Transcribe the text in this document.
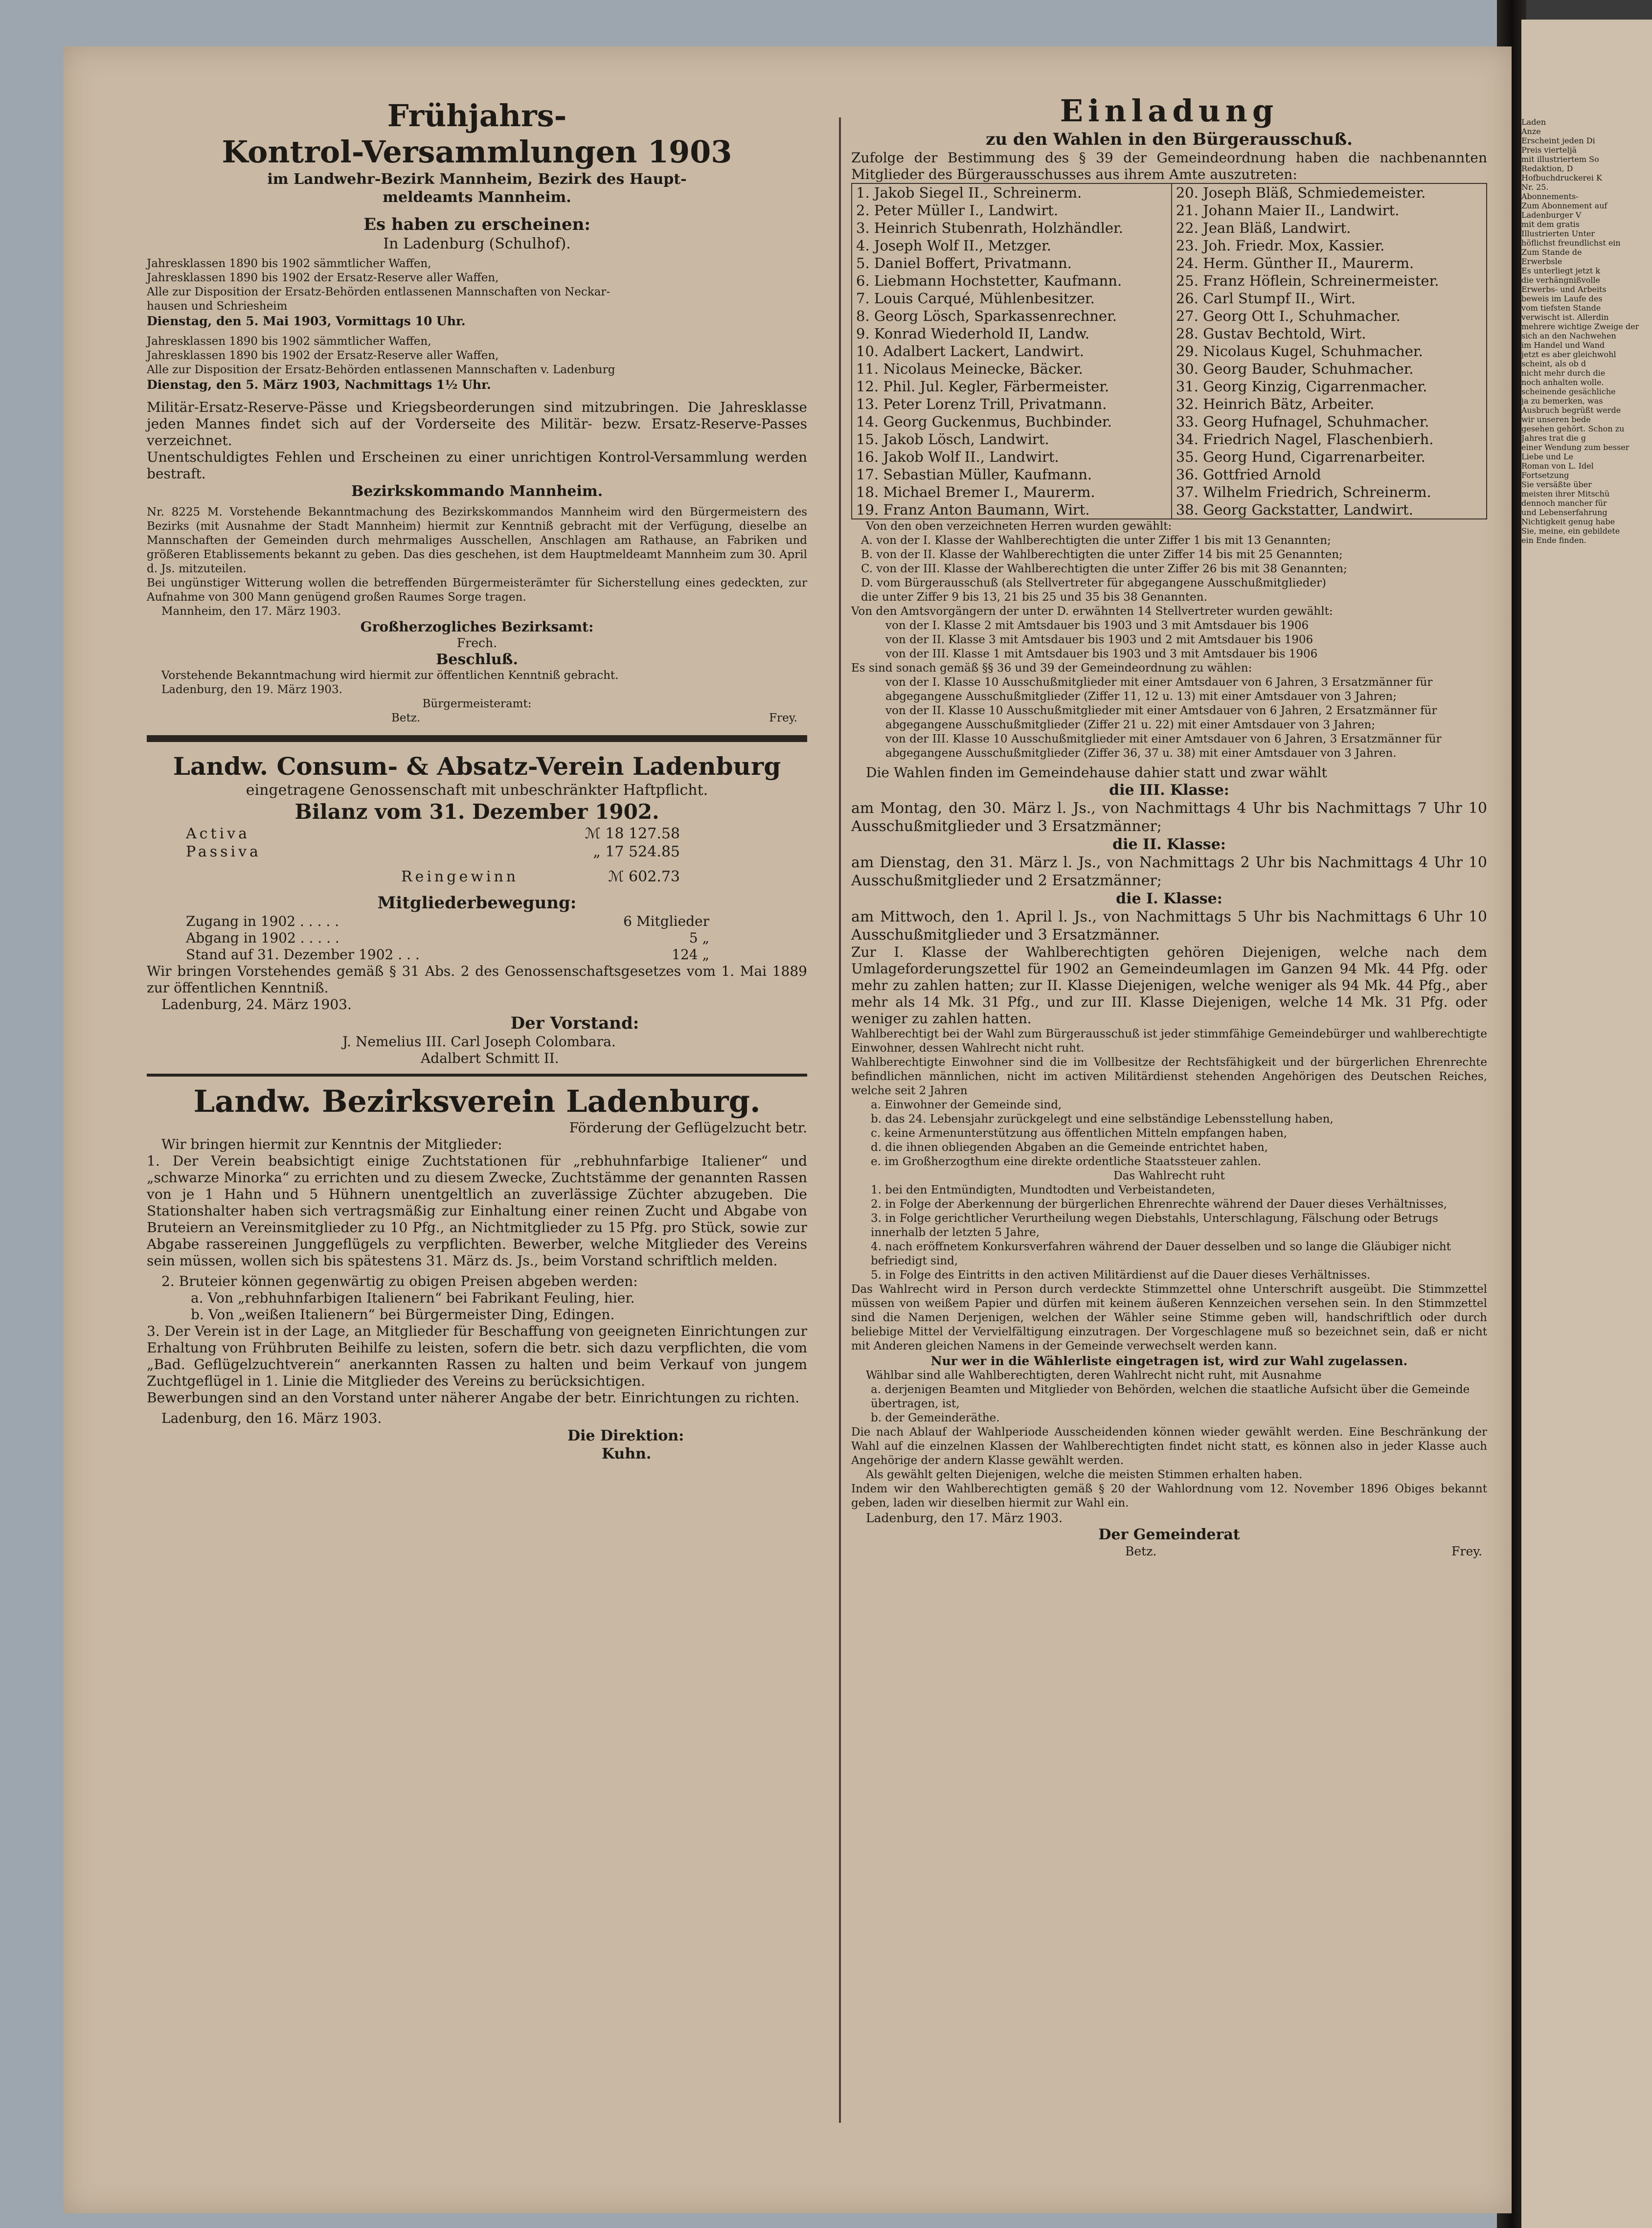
Laden
Anze
Erscheint jeden Di
Preis vierteljä
mit illustriertem So
Redaktion, D
Hofbuchdruckerei K
Nr. 25.
Abonnements-
Zum Abonnement auf
Ladenburger V
mit dem gratis
Illustrierten Unter
höflichst freundlichst ein
Zum Stande de
Erwerbsle
Es unterliegt jetzt k
die verhängnißvolle
Erwerbs- und Arbeits
beweis im Laufe des
vom tiefsten Stande
verwischt ist. Allerdin
mehrere wichtige Zweige der
sich an den Nachwehen
im Handel und Wand
jetzt es aber gleichwohl
scheint, als ob d
nicht mehr durch die
noch anhalten wolle.
scheinende gesächliche
ja zu bemerken, was
Ausbruch begrüßt werde
wir unseren bede
gesehen gehört. Schon zu
Jahres trat die g
einer Wendung zum besser
Liebe und Le
Roman von L. Idel
Fortsetzung
Sie versäßte über
meisten ihrer Mitschü
dennoch mancher für
und Lebenserfahrung
Nichtigkeit genug habe
Sie, meine, ein gebildete
ein Ende finden.

Frühjahrs-

Kontrol-Versammlungen 1903

im Landwehr-Bezirk Mannheim, Bezirk des Haupt-

meldeamts Mannheim.

Es haben zu erscheinen:

In Ladenburg (Schulhof).

Jahresklassen 1890 bis 1902 sämmtlicher Waffen,
Jahresklassen 1890 bis 1902 der Ersatz-Reserve aller Waffen,
Alle zur Disposition der Ersatz-Behörden entlassenen Mannschaften von Neckar-
hausen und Schriesheim

Dienstag, den 5. Mai 1903, Vormittags 10 Uhr.

Jahresklassen 1890 bis 1902 sämmtlicher Waffen,
Jahresklassen 1890 bis 1902 der Ersatz-Reserve aller Waffen,
Alle zur Disposition der Ersatz-Behörden entlassenen Mannschaften v. Ladenburg

Dienstag, den 5. März 1903, Nachmittags 1½ Uhr.

Militär-Ersatz-Reserve-Pässe und Kriegsbeorderungen sind mitzubringen. Die Jahresklasse jeden Mannes findet sich auf der Vorderseite des Militär- bezw. Ersatz-Reserve-Passes verzeichnet.

Unentschuldigtes Fehlen und Erscheinen zu einer unrichtigen Kontrol-Versammlung werden bestraft.

Bezirkskommando Mannheim.

Nr. 8225 M. Vorstehende Bekanntmachung des Bezirkskommandos Mannheim wird den Bürgermeistern des Bezirks (mit Ausnahme der Stadt Mannheim) hiermit zur Kenntniß gebracht mit der Verfügung, dieselbe an Mannschaften der Gemeinden durch mehrmaliges Ausschellen, Anschlagen am Rathause, an Fabriken und größeren Etablissements bekannt zu geben. Das dies geschehen, ist dem Hauptmeldeamt Mannheim zum 30. April d. Js. mitzuteilen.

Bei ungünstiger Witterung wollen die betreffenden Bürgermeisterämter für Sicherstellung eines gedeckten, zur Aufnahme von 300 Mann genügend großen Raumes Sorge tragen.

Mannheim, den 17. März 1903.

Großherzogliches Bezirksamt:

Frech.

Beschluß.

Vorstehende Bekanntmachung wird hiermit zur öffentlichen Kenntniß gebracht.

Ladenburg, den 19. März 1903.

Bürgermeisteramt:

Betz.	Frey.

Landw. Consum- & Absatz-Verein Ladenburg

eingetragene Genossenschaft mit unbeschränkter Haftpflicht.

Bilanz vom 31. Dezember 1902.

Activa	ℳ 18 127.58
Passiva	„ 17 524.85
Reingewinn	ℳ 602.73

Mitgliederbewegung:

Zugang in 1902 . . . . .	6 Mitglieder
Abgang in 1902 . . . . .	5 „
Stand auf 31. Dezember 1902 . . .	124 „

Wir bringen Vorstehendes gemäß § 31 Abs. 2 des Genossenschaftsgesetzes vom 1. Mai 1889 zur öffentlichen Kenntniß.

Ladenburg, 24. März 1903.

Der Vorstand:

J. Nemelius III. Carl Joseph Colombara.

Adalbert Schmitt II.

Landw. Bezirksverein Ladenburg.

Förderung der Geflügelzucht betr.

Wir bringen hiermit zur Kenntnis der Mitglieder:

1. Der Verein beabsichtigt einige Zuchtstationen für „rebhuhnfarbige Italiener“ und „schwarze Minorka“ zu errichten und zu diesem Zwecke, Zuchtstämme der genannten Rassen von je 1 Hahn und 5 Hühnern unentgeltlich an zuverlässige Züchter abzugeben. Die Stationshalter haben sich vertragsmäßig zur Einhaltung einer reinen Zucht und Abgabe von Bruteiern an Vereinsmitglieder zu 10 Pfg., an Nichtmitglieder zu 15 Pfg. pro Stück, sowie zur Abgabe rassereinen Junggeflügels zu verpflichten. Bewerber, welche Mitglieder des Vereins sein müssen, wollen sich bis spätestens 31. März ds. Js., beim Vorstand schriftlich melden.

2. Bruteier können gegenwärtig zu obigen Preisen abgeben werden:

a. Von „rebhuhnfarbigen Italienern“ bei Fabrikant Feuling, hier.

b. Von „weißen Italienern“ bei Bürgermeister Ding, Edingen.

3. Der Verein ist in der Lage, an Mitglieder für Beschaffung von geeigneten Einrichtungen zur Erhaltung von Frühbruten Beihilfe zu leisten, sofern die betr. sich dazu verpflichten, die vom „Bad. Geflügelzuchtverein“ anerkannten Rassen zu halten und beim Verkauf von jungem Zuchtgeflügel in 1. Linie die Mitglieder des Vereins zu berücksichtigen.

Bewerbungen sind an den Vorstand unter näherer Angabe der betr. Einrichtungen zu richten.

Ladenburg, den 16. März 1903.

Die Direktion:

Kuhn.

Einladung

zu den Wahlen in den Bürgerausschuß.

Zufolge der Bestimmung des § 39 der Gemeindeordnung haben die nachbenannten Mitglieder des Bürgerausschusses aus ihrem Amte auszutreten:

1. Jakob Siegel II., Schreinerm.
2. Peter Müller I., Landwirt.
3. Heinrich Stubenrath, Holzhändler.
4. Joseph Wolf II., Metzger.
5. Daniel Boffert, Privatmann.
6. Liebmann Hochstetter, Kaufmann.
7. Louis Carqué, Mühlenbesitzer.
8. Georg Lösch, Sparkassenrechner.
9. Konrad Wiederhold II, Landw.
10. Adalbert Lackert, Landwirt.
11. Nicolaus Meinecke, Bäcker.
12. Phil. Jul. Kegler, Färbermeister.
13. Peter Lorenz Trill, Privatmann.
14. Georg Guckenmus, Buchbinder.
15. Jakob Lösch, Landwirt.
16. Jakob Wolf II., Landwirt.
17. Sebastian Müller, Kaufmann.
18. Michael Bremer I., Maurerm.
19. Franz Anton Baumann, Wirt.

20. Joseph Bläß, Schmiedemeister.
21. Johann Maier II., Landwirt.
22. Jean Bläß, Landwirt.
23. Joh. Friedr. Mox, Kassier.
24. Herm. Günther II., Maurerm.
25. Franz Höflein, Schreinermeister.
26. Carl Stumpf II., Wirt.
27. Georg Ott I., Schuhmacher.
28. Gustav Bechtold, Wirt.
29. Nicolaus Kugel, Schuhmacher.
30. Georg Bauder, Schuhmacher.
31. Georg Kinzig, Cigarrenmacher.
32. Heinrich Bätz, Arbeiter.
33. Georg Hufnagel, Schuhmacher.
34. Friedrich Nagel, Flaschenbierh.
35. Georg Hund, Cigarrenarbeiter.
36. Gottfried Arnold
37. Wilhelm Friedrich, Schreinerm.
38. Georg Gackstatter, Landwirt.

Von den oben verzeichneten Herren wurden gewählt:

A. von der I. Klasse der Wahlberechtigten die unter Ziffer 1 bis mit 13 Genannten;
B. von der II. Klasse der Wahlberechtigten die unter Ziffer 14 bis mit 25 Genannten;
C. von der III. Klasse der Wahlberechtigten die unter Ziffer 26 bis mit 38 Genannten;
D. vom Bürgerausschuß (als Stellvertreter für abgegangene Ausschußmitglieder)
die unter Ziffer 9 bis 13, 21 bis 25 und 35 bis 38 Genannten.

Von den Amtsvorgängern der unter D. erwähnten 14 Stellvertreter wurden gewählt:

von der I. Klasse 2 mit Amtsdauer bis 1903 und 3 mit Amtsdauer bis 1906
von der II. Klasse 3 mit Amtsdauer bis 1903 und 2 mit Amtsdauer bis 1906
von der III. Klasse 1 mit Amtsdauer bis 1903 und 3 mit Amtsdauer bis 1906

Es sind sonach gemäß §§ 36 und 39 der Gemeindeordnung zu wählen:

von der I. Klasse 10 Ausschußmitglieder mit einer Amtsdauer von 6 Jahren, 3 Ersatzmänner für abgegangene Ausschußmitglieder (Ziffer 11, 12 u. 13) mit einer Amtsdauer von 3 Jahren;
von der II. Klasse 10 Ausschußmitglieder mit einer Amtsdauer von 6 Jahren, 2 Ersatzmänner für abgegangene Ausschußmitglieder (Ziffer 21 u. 22) mit einer Amtsdauer von 3 Jahren;
von der III. Klasse 10 Ausschußmitglieder mit einer Amtsdauer von 6 Jahren, 3 Ersatzmänner für abgegangene Ausschußmitglieder (Ziffer 36, 37 u. 38) mit einer Amtsdauer von 3 Jahren.

Die Wahlen finden im Gemeindehause dahier statt und zwar wählt

die III. Klasse:

am Montag, den 30. März l. Js., von Nachmittags 4 Uhr bis Nachmittags 7 Uhr 10 Ausschußmitglieder und 3 Ersatzmänner;

die II. Klasse:

am Dienstag, den 31. März l. Js., von Nachmittags 2 Uhr bis Nachmittags 4 Uhr 10 Ausschußmitglieder und 2 Ersatzmänner;

die I. Klasse:

am Mittwoch, den 1. April l. Js., von Nachmittags 5 Uhr bis Nachmittags 6 Uhr 10 Ausschußmitglieder und 3 Ersatzmänner.

Zur I. Klasse der Wahlberechtigten gehören Diejenigen, welche nach dem Umlageforderungszettel für 1902 an Gemeindeumlagen im Ganzen 94 Mk. 44 Pfg. oder mehr zu zahlen hatten; zur II. Klasse Diejenigen, welche weniger als 94 Mk. 44 Pfg., aber mehr als 14 Mk. 31 Pfg., und zur III. Klasse Diejenigen, welche 14 Mk. 31 Pfg. oder weniger zu zahlen hatten.

Wahlberechtigt bei der Wahl zum Bürgerausschuß ist jeder stimmfähige Gemeindebürger und wahlberechtigte Einwohner, dessen Wahlrecht nicht ruht.

Wahlberechtigte Einwohner sind die im Vollbesitze der Rechtsfähigkeit und der bürgerlichen Ehrenrechte befindlichen männlichen, nicht im activen Militärdienst stehenden Angehörigen des Deutschen Reiches, welche seit 2 Jahren

a. Einwohner der Gemeinde sind,
b. das 24. Lebensjahr zurückgelegt und eine selbständige Lebensstellung haben,
c. keine Armenunterstützung aus öffentlichen Mitteln empfangen haben,
d. die ihnen obliegenden Abgaben an die Gemeinde entrichtet haben,
e. im Großherzogthum eine direkte ordentliche Staatssteuer zahlen.

Das Wahlrecht ruht

1. bei den Entmündigten, Mundtodten und Verbeistandeten,
2. in Folge der Aberkennung der bürgerlichen Ehrenrechte während der Dauer dieses Verhältnisses,
3. in Folge gerichtlicher Verurtheilung wegen Diebstahls, Unterschlagung, Fälschung oder Betrugs innerhalb der letzten 5 Jahre,
4. nach eröffnetem Konkursverfahren während der Dauer desselben und so lange die Gläubiger nicht befriedigt sind,
5. in Folge des Eintritts in den activen Militärdienst auf die Dauer dieses Verhältnisses.

Das Wahlrecht wird in Person durch verdeckte Stimmzettel ohne Unterschrift ausgeübt. Die Stimmzettel müssen von weißem Papier und dürfen mit keinem äußeren Kennzeichen versehen sein. In den Stimmzettel sind die Namen Derjenigen, welchen der Wähler seine Stimme geben will, handschriftlich oder durch beliebige Mittel der Vervielfältigung einzutragen. Der Vorgeschlagene muß so bezeichnet sein, daß er nicht mit Anderen gleichen Namens in der Gemeinde verwechselt werden kann.

Nur wer in die Wählerliste eingetragen ist, wird zur Wahl zugelassen.

Wählbar sind alle Wahlberechtigten, deren Wahlrecht nicht ruht, mit Ausnahme

a. derjenigen Beamten und Mitglieder von Behörden, welchen die staatliche Aufsicht über die Gemeinde übertragen, ist,
b. der Gemeinderäthe.

Die nach Ablauf der Wahlperiode Ausscheidenden können wieder gewählt werden. Eine Beschränkung der Wahl auf die einzelnen Klassen der Wahlberechtigten findet nicht statt, es können also in jeder Klasse auch Angehörige der andern Klasse gewählt werden.

Als gewählt gelten Diejenigen, welche die meisten Stimmen erhalten haben.

Indem wir den Wahlberechtigten gemäß § 20 der Wahlordnung vom 12. November 1896 Obiges bekannt geben, laden wir dieselben hiermit zur Wahl ein.

Ladenburg, den 17. März 1903.

Der Gemeinderat

Betz.	Frey.
